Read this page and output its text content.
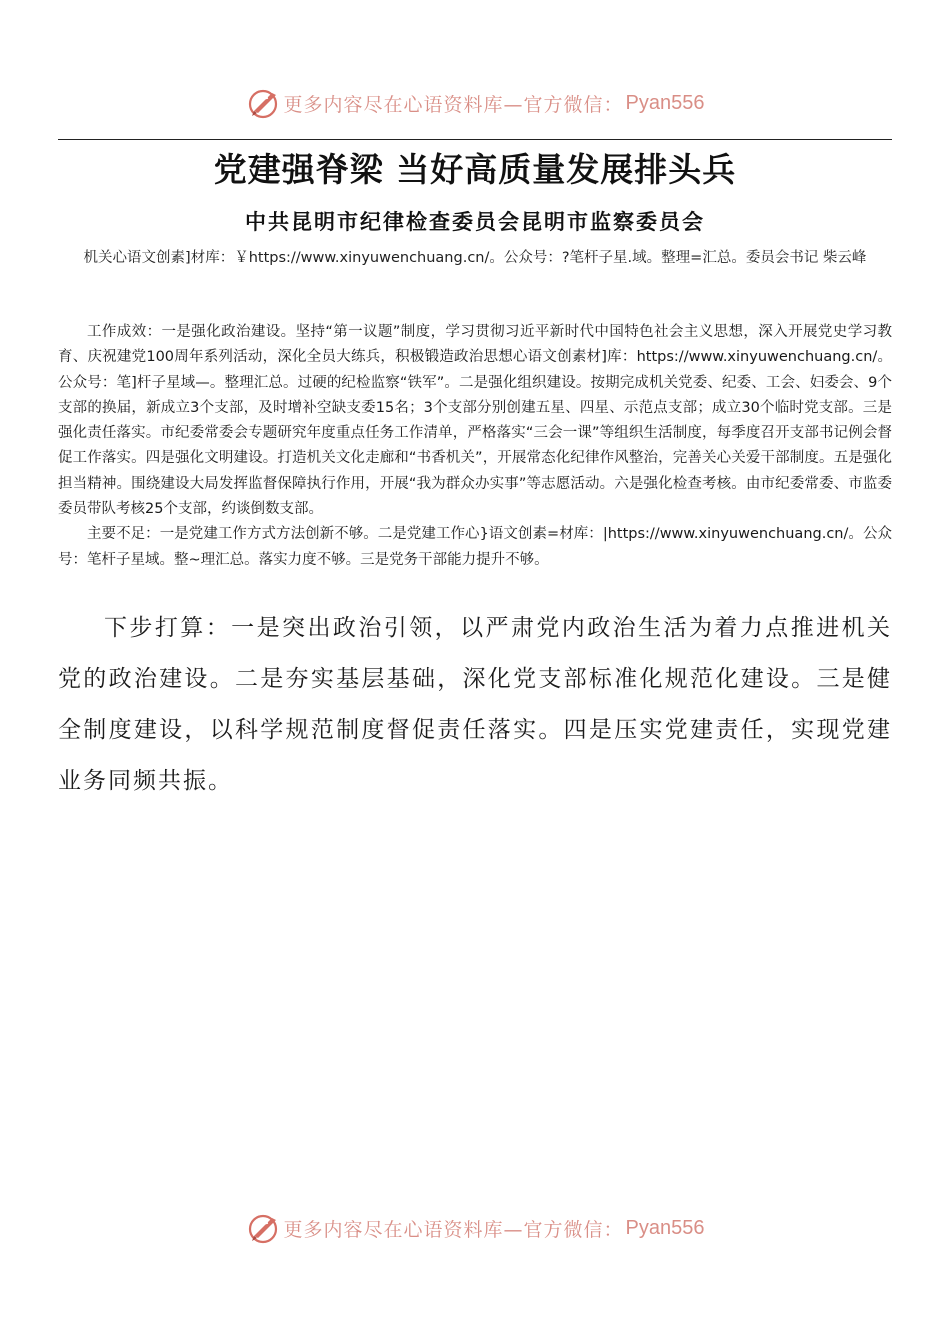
更多内容尽在心语资料库—官方微信： Pyan556
党建强脊梁 当好高质量发展排头兵
中共昆明市纪律检查委员会昆明市监察委员会
机关心语文创素]材库：￥https://www.xinyuwenchuang.cn/。公众号：?笔杆子星.域。整理=汇总。委员会书记 柴云峰

工作成效：一是强化政治建设。坚持“第一议题”制度，学习贯彻习近平新时代中国特色社会主义思想，深入开展党史学习教育、庆祝建党100周年系列活动，深化全员大练兵，积极锻造政治思想心语文创素材]库：https://www.xinyuwenchuang.cn/。公众号：笔]杆子星域—。整理汇总。过硬的纪检监察“铁军”。二是强化组织建设。按期完成机关党委、纪委、工会、妇委会、9个支部的换届，新成立3个支部，及时增补空缺支委15名；3个支部分别创建五星、四星、示范点支部；成立30个临时党支部。三是强化责任落实。市纪委常委会专题研究年度重点任务工作清单，严格落实“三会一课”等组织生活制度，每季度召开支部书记例会督促工作落实。四是强化文明建设。打造机关文化走廊和“书香机关”，开展常态化纪律作风整治，完善关心关爱干部制度。五是强化担当精神。围绕建设大局发挥监督保障执行作用，开展“我为群众办实事”等志愿活动。六是强化检查考核。由市纪委常委、市监委委员带队考核25个支部，约谈倒数支部。

主要不足：一是党建工作方式方法创新不够。二是党建工作心}语文创素=材库：|https://www.xinyuwenchuang.cn/。公众号：笔杆子星域。整~理汇总。落实力度不够。三是党务干部能力提升不够。

下步打算：一是突出政治引领，以严肃党内政治生活为着力点推进机关党的政治建设。二是夯实基层基础，深化党支部标准化规范化建设。三是健全制度建设，以科学规范制度督促责任落实。四是压实党建责任，实现党建业务同频共振。

更多内容尽在心语资料库—官方微信： Pyan556
